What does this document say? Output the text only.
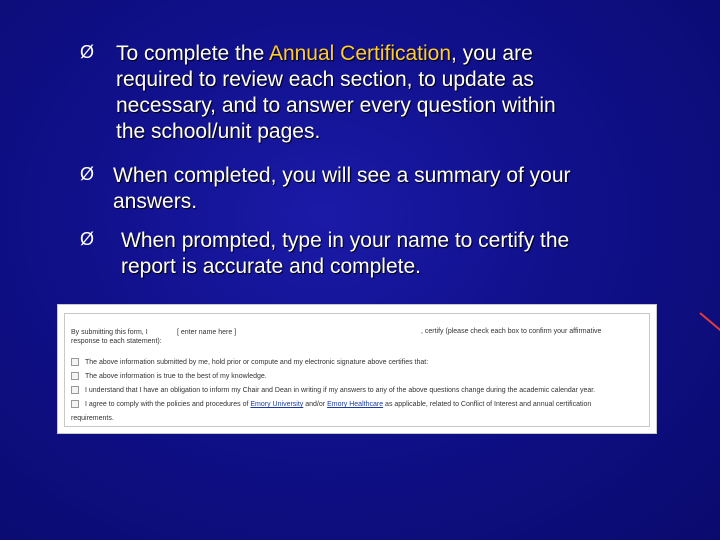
Ø To complete the Annual Certification, you are
required to review each section, to update as
necessary, and to answer every question within
the school/unit pages.
Ø When completed, you will see a summary of your
answers.
Ø When prompted, type in your name to certify the
report is accurate and complete.
By submitting this form, I	[ enter name here ]	, certify (please check each box to confirm your affirmative
response to each statement):
The above information submitted by me, hold prior or compute and my electronic signature above certifies that:
The above information is true to the best of my knowledge.
I understand that I have an obligation to inform my Chair and Dean in writing if my answers to any of the above questions change during the academic calendar year.
I agree to comply with the policies and procedures of Emory University and/or Emory Healthcare as applicable, related to Conflict of Interest and annual certification
requirements.
